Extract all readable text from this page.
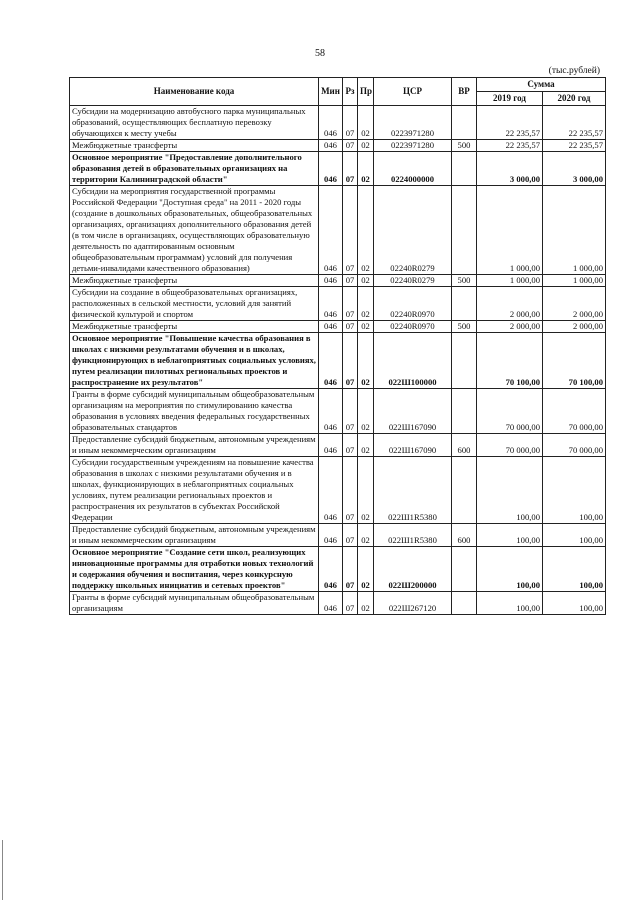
58
(тыс.рублей)
Наименование кода	Мин	Рз	Пр	ЦСР	ВР	Сумма	
						2019 год	2020 год
Субсидии на модернизацию автобусного парка муниципальных образований, осуществляющих бесплатную перевозку обучающихся к месту учебы	046	07	02	0223971280		22 235,57	22 235,57
Межбюджетные трансферты	046	07	02	0223971280	500	22 235,57	22 235,57
Основное мероприятие "Предоставление дополнительного образования детей в образовательных организациях на территории Калининградской области"	046	07	02	0224000000		3 000,00	3 000,00
Субсидии на мероприятия государственной программы Российской Федерации "Доступная среда" на 2011 - 2020 годы (создание в дошкольных образовательных, общеобразовательных организациях, организациях дополнительного образования детей (в том числе в организациях, осуществляющих образовательную деятельность по адаптированным основным общеобразовательным программам) условий для получения детьми-инвалидами качественного образования)	046	07	02	02240R0279		1 000,00	1 000,00
Межбюджетные трансферты	046	07	02	02240R0279	500	1 000,00	1 000,00
Субсидии на создание в общеобразовательных организациях, расположенных в сельской местности, условий для занятий физической культурой и спортом	046	07	02	02240R0970		2 000,00	2 000,00
Межбюджетные трансферты	046	07	02	02240R0970	500	2 000,00	2 000,00
Основное мероприятие "Повышение качества образования в школах с низкими результатами обучения и в школах, функционирующих в неблагоприятных социальных условиях, путем реализации пилотных региональных проектов и распространение их результатов"	046	07	02	022Ш100000		70 100,00	70 100,00
Гранты в форме субсидий муниципальным общеобразовательным организациям на мероприятия по стимулированию качества образования в условиях введения федеральных государственных образовательных стандартов	046	07	02	022Ш167090		70 000,00	70 000,00
Предоставление субсидий бюджетным, автономным учреждениям и иным некоммерческим организациям	046	07	02	022Ш167090	600	70 000,00	70 000,00
Субсидии государственным учреждениям на повышение качества образования в школах с низкими результатами обучения и в школах, функционирующих в неблагоприятных социальных условиях, путем реализации региональных проектов и распространения их результатов в субъектах Российской Федерации	046	07	02	022Ш1R5380		100,00	100,00
Предоставление субсидий бюджетным, автономным учреждениям и иным некоммерческим организациям	046	07	02	022Ш1R5380	600	100,00	100,00
Основное мероприятие "Создание сети школ, реализующих инновационные программы для отработки новых технологий и содержания обучения и воспитания, через конкурсную поддержку школьных инициатив и сетевых проектов"	046	07	02	022Ш200000		100,00	100,00
Гранты в форме субсидий муниципальным общеобразовательным организациям	046	07	02	022Ш267120		100,00	100,00
